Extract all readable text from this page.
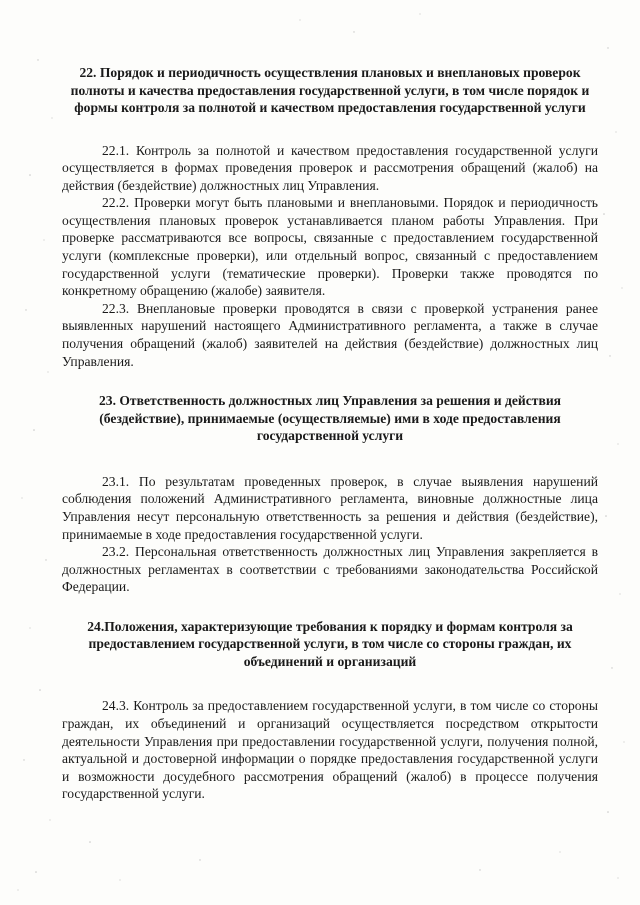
22. Порядок и периодичность осуществления плановых и внеплановых проверок полноты и качества предоставления государственной услуги, в том числе порядок и формы контроля за полнотой и качеством предоставления государственной услуги

22.1. Контроль за полнотой и качеством предоставления государственной услуги осуществляется в формах проведения проверок и рассмотрения обращений (жалоб) на действия (бездействие) должностных лиц Управления.

22.2. Проверки могут быть плановыми и внеплановыми. Порядок и периодичность осуществления плановых проверок устанавливается планом работы Управления. При проверке рассматриваются все вопросы, связанные с предоставлением государственной услуги (комплексные проверки), или отдельный вопрос, связанный с предоставлением государственной услуги (тематические проверки). Проверки также проводятся по конкретному обращению (жалобе) заявителя.

22.3. Внеплановые проверки проводятся в связи с проверкой устранения ранее выявленных нарушений настоящего Административного регламента, а также в случае получения обращений (жалоб) заявителей на действия (бездействие) должностных лиц Управления.

23. Ответственность должностных лиц Управления за решения и действия (бездействие), принимаемые (осуществляемые) ими в ходе предоставления государственной услуги

23.1. По результатам проведенных проверок, в случае выявления нарушений соблюдения положений Административного регламента, виновные должностные лица Управления несут персональную ответственность за решения и действия (бездействие), принимаемые в ходе предоставления государственной услуги.

23.2. Персональная ответственность должностных лиц Управления закрепляется в должностных регламентах в соответствии с требованиями законодательства Российской Федерации.

24.Положения, характеризующие требования к порядку и формам контроля за предоставлением государственной услуги, в том числе со стороны граждан, их объединений и организаций

24.3. Контроль за предоставлением государственной услуги, в том числе со стороны граждан, их объединений и организаций осуществляется посредством открытости деятельности Управления при предоставлении государственной услуги, получения полной, актуальной и достоверной информации о порядке предоставления государственной услуги и возможности досудебного рассмотрения обращений (жалоб) в процессе получения государственной услуги.
